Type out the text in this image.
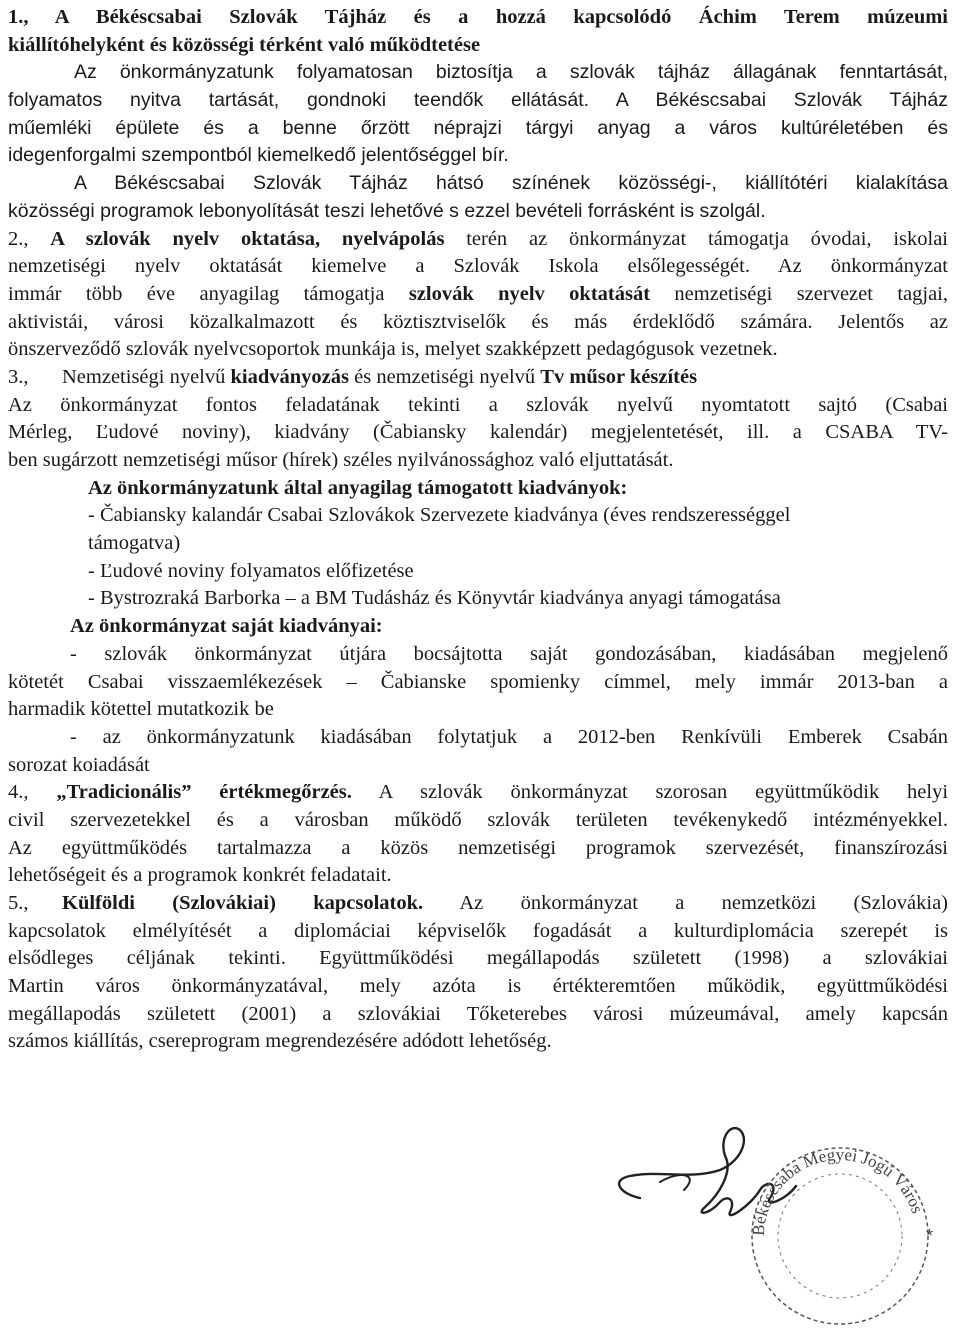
1., A Békéscsabai Szlovák Tájház és a hozzá kapcsolódó Áchim Terem múzeumi
kiállítóhelyként és közösségi térként való működtetése
Az önkormányzatunk folyamatosan biztosítja a szlovák tájház állagának fenntartását,
folyamatos nyitva tartását, gondnoki teendők ellátását. A Békéscsabai Szlovák Tájház
műemléki épülete és a benne őrzött néprajzi tárgyi anyag a város kultúréletében és
idegenforgalmi szempontból kiemelkedő jelentőséggel bír.
A Békéscsabai Szlovák Tájház hátsó színének közösségi-, kiállítótéri kialakítása
közösségi programok lebonyolítását teszi lehetővé s ezzel bevételi forrásként is szolgál.
2., A szlovák nyelv oktatása, nyelvápolás terén az önkormányzat támogatja óvodai, iskolai
nemzetiségi nyelv oktatását kiemelve a Szlovák Iskola elsőlegességét. Az önkormányzat
immár több éve anyagilag támogatja szlovák nyelv oktatását nemzetiségi szervezet tagjai,
aktivistái, városi közalkalmazott és köztisztviselők és más érdeklődő számára. Jelentős az
önszerveződő szlovák nyelvcsoportok munkája is, melyet szakképzett pedagógusok vezetnek.
3., Nemzetiségi nyelvű kiadványozás és nemzetiségi nyelvű Tv műsor készítés
Az önkormányzat fontos feladatának tekinti a szlovák nyelvű nyomtatott sajtó (Csabai
Mérleg, Ľudové noviny), kiadvány (Čabiansky kalendár) megjelentetését, ill. a CSABA TV-
ben sugárzott nemzetiségi műsor (hírek) széles nyilvánossághoz való eljuttatását.
Az önkormányzatunk által anyagilag támogatott kiadványok:
- Čabiansky kalandár Csabai Szlovákok Szervezete kiadványa (éves rendszerességgel
támogatva)
- Ľudové noviny folyamatos előfizetése
- Bystrozraká Barborka – a BM Tudásház és Könyvtár kiadványa anyagi támogatása
Az önkormányzat saját kiadványai:
- szlovák önkormányzat útjára bocsájtotta saját gondozásában, kiadásában megjelenő
kötetét Csabai visszaemlékezések – Čabianske spomienky címmel, mely immár 2013-ban a
harmadik kötettel mutatkozik be
- az önkormányzatunk kiadásában folytatjuk a 2012-ben Renkívüli Emberek Csabán
sorozat koiadását
4., „Tradicionális” értékmegőrzés. A szlovák önkormányzat szorosan együttműködik helyi
civil szervezetekkel és a városban működő szlovák területen tevékenykedő intézményekkel.
Az együttműködés tartalmazza a közös nemzetiségi programok szervezését, finanszírozási
lehetőségeit és a programok konkrét feladatait.
5., Külföldi (Szlovákiai) kapcsolatok. Az önkormányzat a nemzetközi (Szlovákia)
kapcsolatok elmélyítését a diplomáciai képviselők fogadását a kulturdiplomácia szerepét is
elsődleges céljának tekinti. Együttműködési megállapodás született (1998) a szlovákiai
Martin város önkormányzatával, mely azóta is értékteremtően működik, együttműködési
megállapodás született (2001) a szlovákiai Tőketerebes városi múzeumával, amely kapcsán
számos kiállítás, csereprogram megrendezésére adódott lehetőség.
Békéscsaba Megyei Jogú Város
*
